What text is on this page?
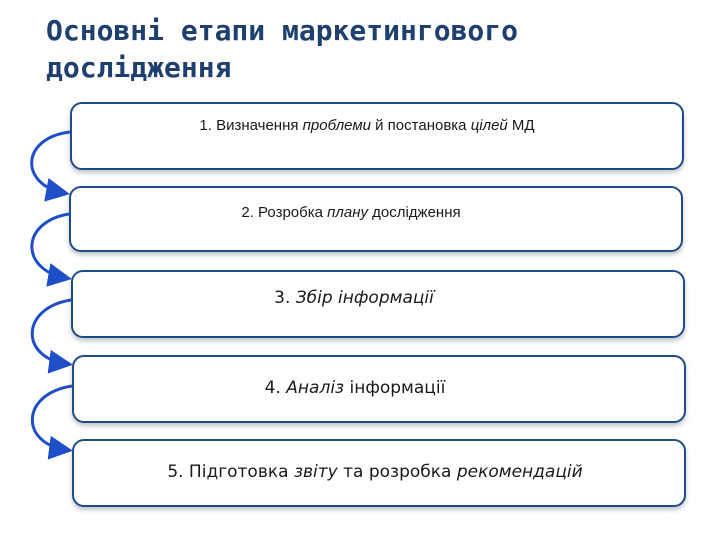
Основні етапи маркетингового дослідження
1. Визначення проблеми й постановка цілей МД
2. Розробка плану дослідження
3. Збір інформації
4. Аналіз інформації
5. Підготовка звіту та розробка рекомендацій
